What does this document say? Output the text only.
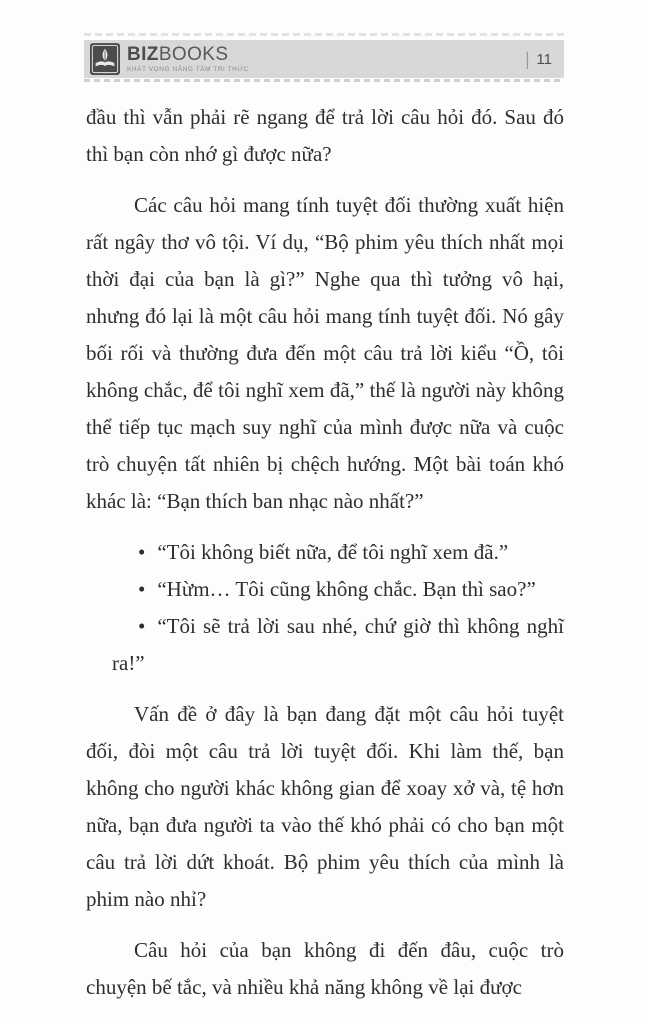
BIZBOOKS
KHÁT VỌNG NÂNG TẦM TRI THỨC
| 11

đầu thì vẫn phải rẽ ngang để trả lời câu hỏi đó. Sau đó thì bạn còn nhớ gì được nữa?

Các câu hỏi mang tính tuyệt đối thường xuất hiện rất ngây thơ vô tội. Ví dụ, “Bộ phim yêu thích nhất mọi thời đại của bạn là gì?” Nghe qua thì tưởng vô hại, nhưng đó lại là một câu hỏi mang tính tuyệt đối. Nó gây bối rối và thường đưa đến một câu trả lời kiểu “Ồ, tôi không chắc, để tôi nghĩ xem đã,” thế là người này không thể tiếp tục mạch suy nghĩ của mình được nữa và cuộc trò chuyện tất nhiên bị chệch hướng. Một bài toán khó khác là: “Bạn thích ban nhạc nào nhất?”

• “Tôi không biết nữa, để tôi nghĩ xem đã.”
• “Hừm… Tôi cũng không chắc. Bạn thì sao?”
• “Tôi sẽ trả lời sau nhé, chứ giờ thì không nghĩ ra!”

Vấn đề ở đây là bạn đang đặt một câu hỏi tuyệt đối, đòi một câu trả lời tuyệt đối. Khi làm thế, bạn không cho người khác không gian để xoay xở và, tệ hơn nữa, bạn đưa người ta vào thế khó phải có cho bạn một câu trả lời dứt khoát. Bộ phim yêu thích của mình là phim nào nhỉ?

Câu hỏi của bạn không đi đến đâu, cuộc trò chuyện bế tắc, và nhiều khả năng không về lại được
